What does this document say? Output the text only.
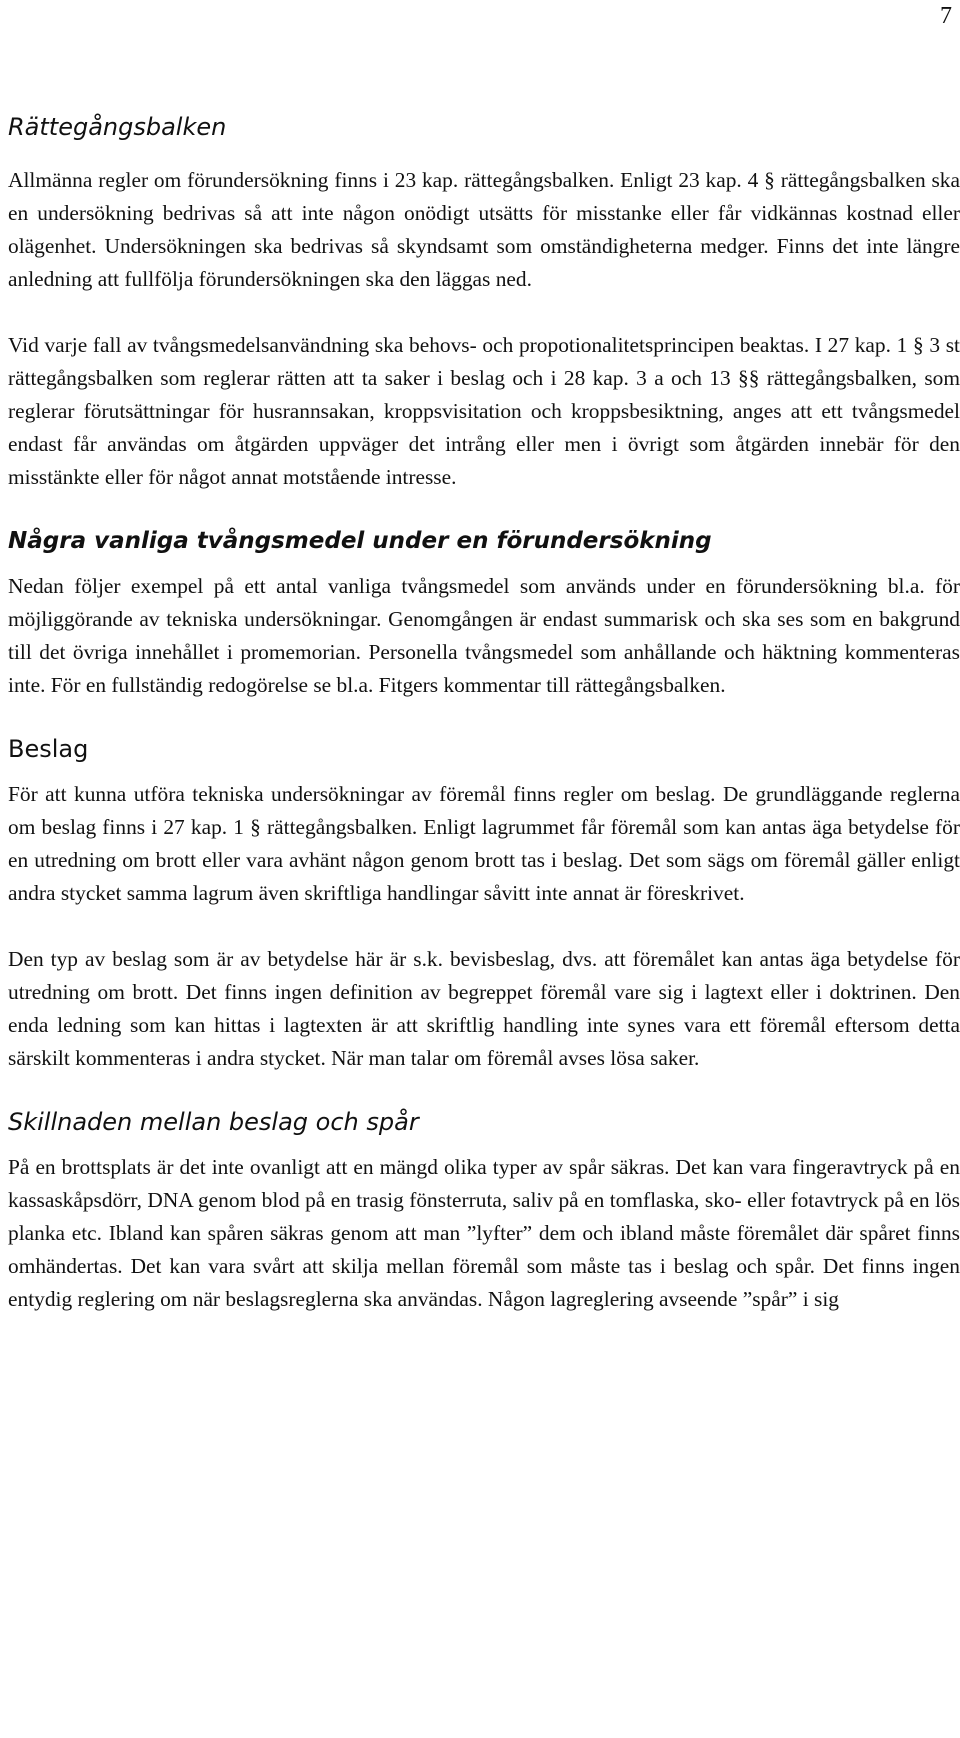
7
Rättegångsbalken

Allmänna regler om förundersökning finns i 23 kap. rättegångsbalken. Enligt 23 kap. 4 § rättegångsbalken ska en undersökning bedrivas så att inte någon onödigt utsätts för misstanke eller får vidkännas kostnad eller olägenhet. Undersökningen ska bedrivas så skyndsamt som omständigheterna medger. Finns det inte längre anledning att fullfölja förundersökningen ska den läggas ned.

Vid varje fall av tvångsmedelsanvändning ska behovs- och propotionalitetsprincipen beaktas. I 27 kap. 1 § 3 st rättegångsbalken som reglerar rätten att ta saker i beslag och i 28 kap. 3 a och 13 §§ rättegångsbalken, som reglerar förutsättningar för husrannsakan, kroppsvisitation och kroppsbesiktning, anges att ett tvångsmedel endast får användas om åtgärden uppväger det intrång eller men i övrigt som åtgärden innebär för den misstänkte eller för något annat motstående intresse.

Några vanliga tvångsmedel under en förundersökning

Nedan följer exempel på ett antal vanliga tvångsmedel som används under en förundersökning bl.a. för möjliggörande av tekniska undersökningar. Genomgången är endast summarisk och ska ses som en bakgrund till det övriga innehållet i promemorian. Personella tvångsmedel som anhållande och häktning kommenteras inte. För en fullständig redogörelse se bl.a. Fitgers kommentar till rättegångsbalken.

Beslag

För att kunna utföra tekniska undersökningar av föremål finns regler om beslag. De grundläggande reglerna om beslag finns i 27 kap. 1 § rättegångsbalken. Enligt lagrummet får föremål som kan antas äga betydelse för en utredning om brott eller vara avhänt någon genom brott tas i beslag. Det som sägs om föremål gäller enligt andra stycket samma lagrum även skriftliga handlingar såvitt inte annat är föreskrivet.

Den typ av beslag som är av betydelse här är s.k. bevisbeslag, dvs. att föremålet kan antas äga betydelse för utredning om brott. Det finns ingen definition av begreppet föremål vare sig i lagtext eller i doktrinen. Den enda ledning som kan hittas i lagtexten är att skriftlig handling inte synes vara ett föremål eftersom detta särskilt kommenteras i andra stycket. När man talar om föremål avses lösa saker.

Skillnaden mellan beslag och spår

På en brottsplats är det inte ovanligt att en mängd olika typer av spår säkras. Det kan vara fingeravtryck på en kassaskåpsdörr, DNA genom blod på en trasig fönsterruta, saliv på en tomflaska, sko- eller fotavtryck på en lös planka etc. Ibland kan spåren säkras genom att man ”lyfter” dem och ibland måste föremålet där spåret finns omhändertas. Det kan vara svårt att skilja mellan föremål som måste tas i beslag och spår. Det finns ingen entydig reglering om när beslagsreglerna ska användas. Någon lagreglering avseende ”spår” i sig
